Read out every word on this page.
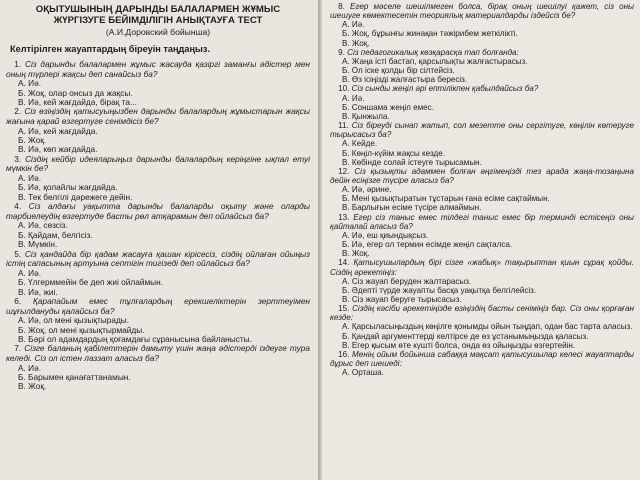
ОҚЫТУШЫНЫҢ ДАРЫНДЫ БАЛАЛАРМЕН ЖҰМЫС
ЖҮРГІЗУГЕ БЕЙІМДІЛІГІН АНЫҚТАУҒА ТЕСТ
(А.И.Доровский бойынша)
Келтірілген жауаптардың біреуін таңдаңыз.
 1. Сіз дарынды балалармен жұмыс жасауда қазіргі заманғы әдістер мен оның түрлері жақсы деп санайсыз ба?
А. Иә.
Б. Жоқ, олар онсыз да жақсы.
В. Иә, кей жағдайда, бірақ та...
 2. Сіз өзіңіздің қатысуыңызбен дарынды балалардың жұмыстарын жақсы жағына қарай өзгертуге сенімдісіз бе?
А. Иә, кей жағдайда.
Б. Жоқ.
В. Иә, көп жағдайда.
 3. Сіздің кейбір идеяларыңыз дарынды балалардың керіңгіне ықпал етуі мүмкін бе?
А. Иә.
Б. Иә, қолайлы жағдайда.
В. Тек белгілі дәрежеге дейін.
 4. Сіз алдағы уақытта дарынды балаларды оқыту және оларды тәрбиелеудің өзгертуде басты рөл атқарамын деп ойлайсыз ба?
А. Иә, сөзсіз.
Б. Қайдам, белгісіз.
В. Мүмкін.
 5. Сіз қандайда бір қадам жасауға қашан кірісесіз, сіздің ойлаған ойыңыз істің сапасының артуына септігін тигізеді деп ойлайсыз ба?
А. Иә.
Б. Үлгерммейін бе деп жиі ойлаймын.
В. Иә, жиі.
 6. Қарапайым емес тұлғалардың ерекшеліктерін зерттеуімен шұғылдануды қалайсыз ба?
А. Иә, ол мені қызықтырады.
Б. Жоқ, ол мені қызықтырмайды.
В. Бәрі ол адамдардың қоғамдағы сұранысына байланысты.
 7. Сізге баланың қабілеттерін дамыту үшін жаңа әдістерді іздеуге тура келеді. Сіз ол істен лаззат аласыз ба?
А. Иә.
Б. Барымен қанағаттанамын.
В. Жоқ.
 8. Егер мәселе шешілмеген болса, бірақ оның шешілуі қажет, сіз оны шешуге көмектесетін теориялық материалдарды іздейсіз бе?
А. Иә.
Б. Жоқ, бұрынғы жинақан тәжірибем жеткілікті.
В. Жоқ.
 9. Сіз педагогикалық көзқарасқа тап болғанда:
А. Жаңа істі бастап, қарсылықты жалғастырасыз.
Б. Ол іске қолды бір сілтейсіз.
В. Өз ісіңізді жалғастыра бересіз.
 10. Сіз сынды жеңіл әрі ептілікпен қабылдайсыз ба?
А. Иә.
Б. Соншама жеңіл емес.
В. Қынжыла.
 11. Сіз біреуді сынап жатып, сол мезетте оны сергітуге, көңілін көтеруге тырысасыз ба?
А. Кейде.
Б. Көңіл-күйім жақсы кезде.
В. Көбінде солай істеуге тырысамын.
 12. Сіз қызықты адаммен болған әңгімеңізді тез арада жаңа-тозаңына дейін есіңізге түсіре аласыз ба?
А. Иә, әрине.
Б. Мені қызықтыратын тұстарын ғана есіме сақтаймын.
В. Барлығын есіме түсіре алмаймын.
 13. Егер сіз таныс емес тілдегі таныс емес бір терминді естісеңіз оны қайталай аласыз ба?
А. Иә, еш қиындықсыз.
Б. Иә, егер ол термин есімде жеңіл сақталса.
В. Жоқ.
 14. Қатысушылардың бірі сізге «жабық» тақырыптан қиын сұрақ қойды. Сіздің әрекетіңіз:
А. Сіз жауап беруден жалтарасыз.
Б. Әдепті түрде жауапты басқа уақытқа белгілейсіз.
В. Сіз жауап беруге тырысасыз.
 15. Сіздің кәсіби әрекетіңізде өзіңіздің басты сеніміңіз бар. Сіз оны қорғаған кезде:
А. Қарсыласыңыздың көңілге қонымды ойын тыңдап, одан бас тарта аласыз.
Б. Қандай аргументтерді келтірсе де өз ұстанымыңызда қаласыз.
В. Егер қысым өте күшті болса, онда өз ойыңызды өзгертейін.
 16. Менің ойым бойынша сабаққа мақсат қатысушылар келесі жауаптарды дұрыс деп шешеді:
А. Орташа.
